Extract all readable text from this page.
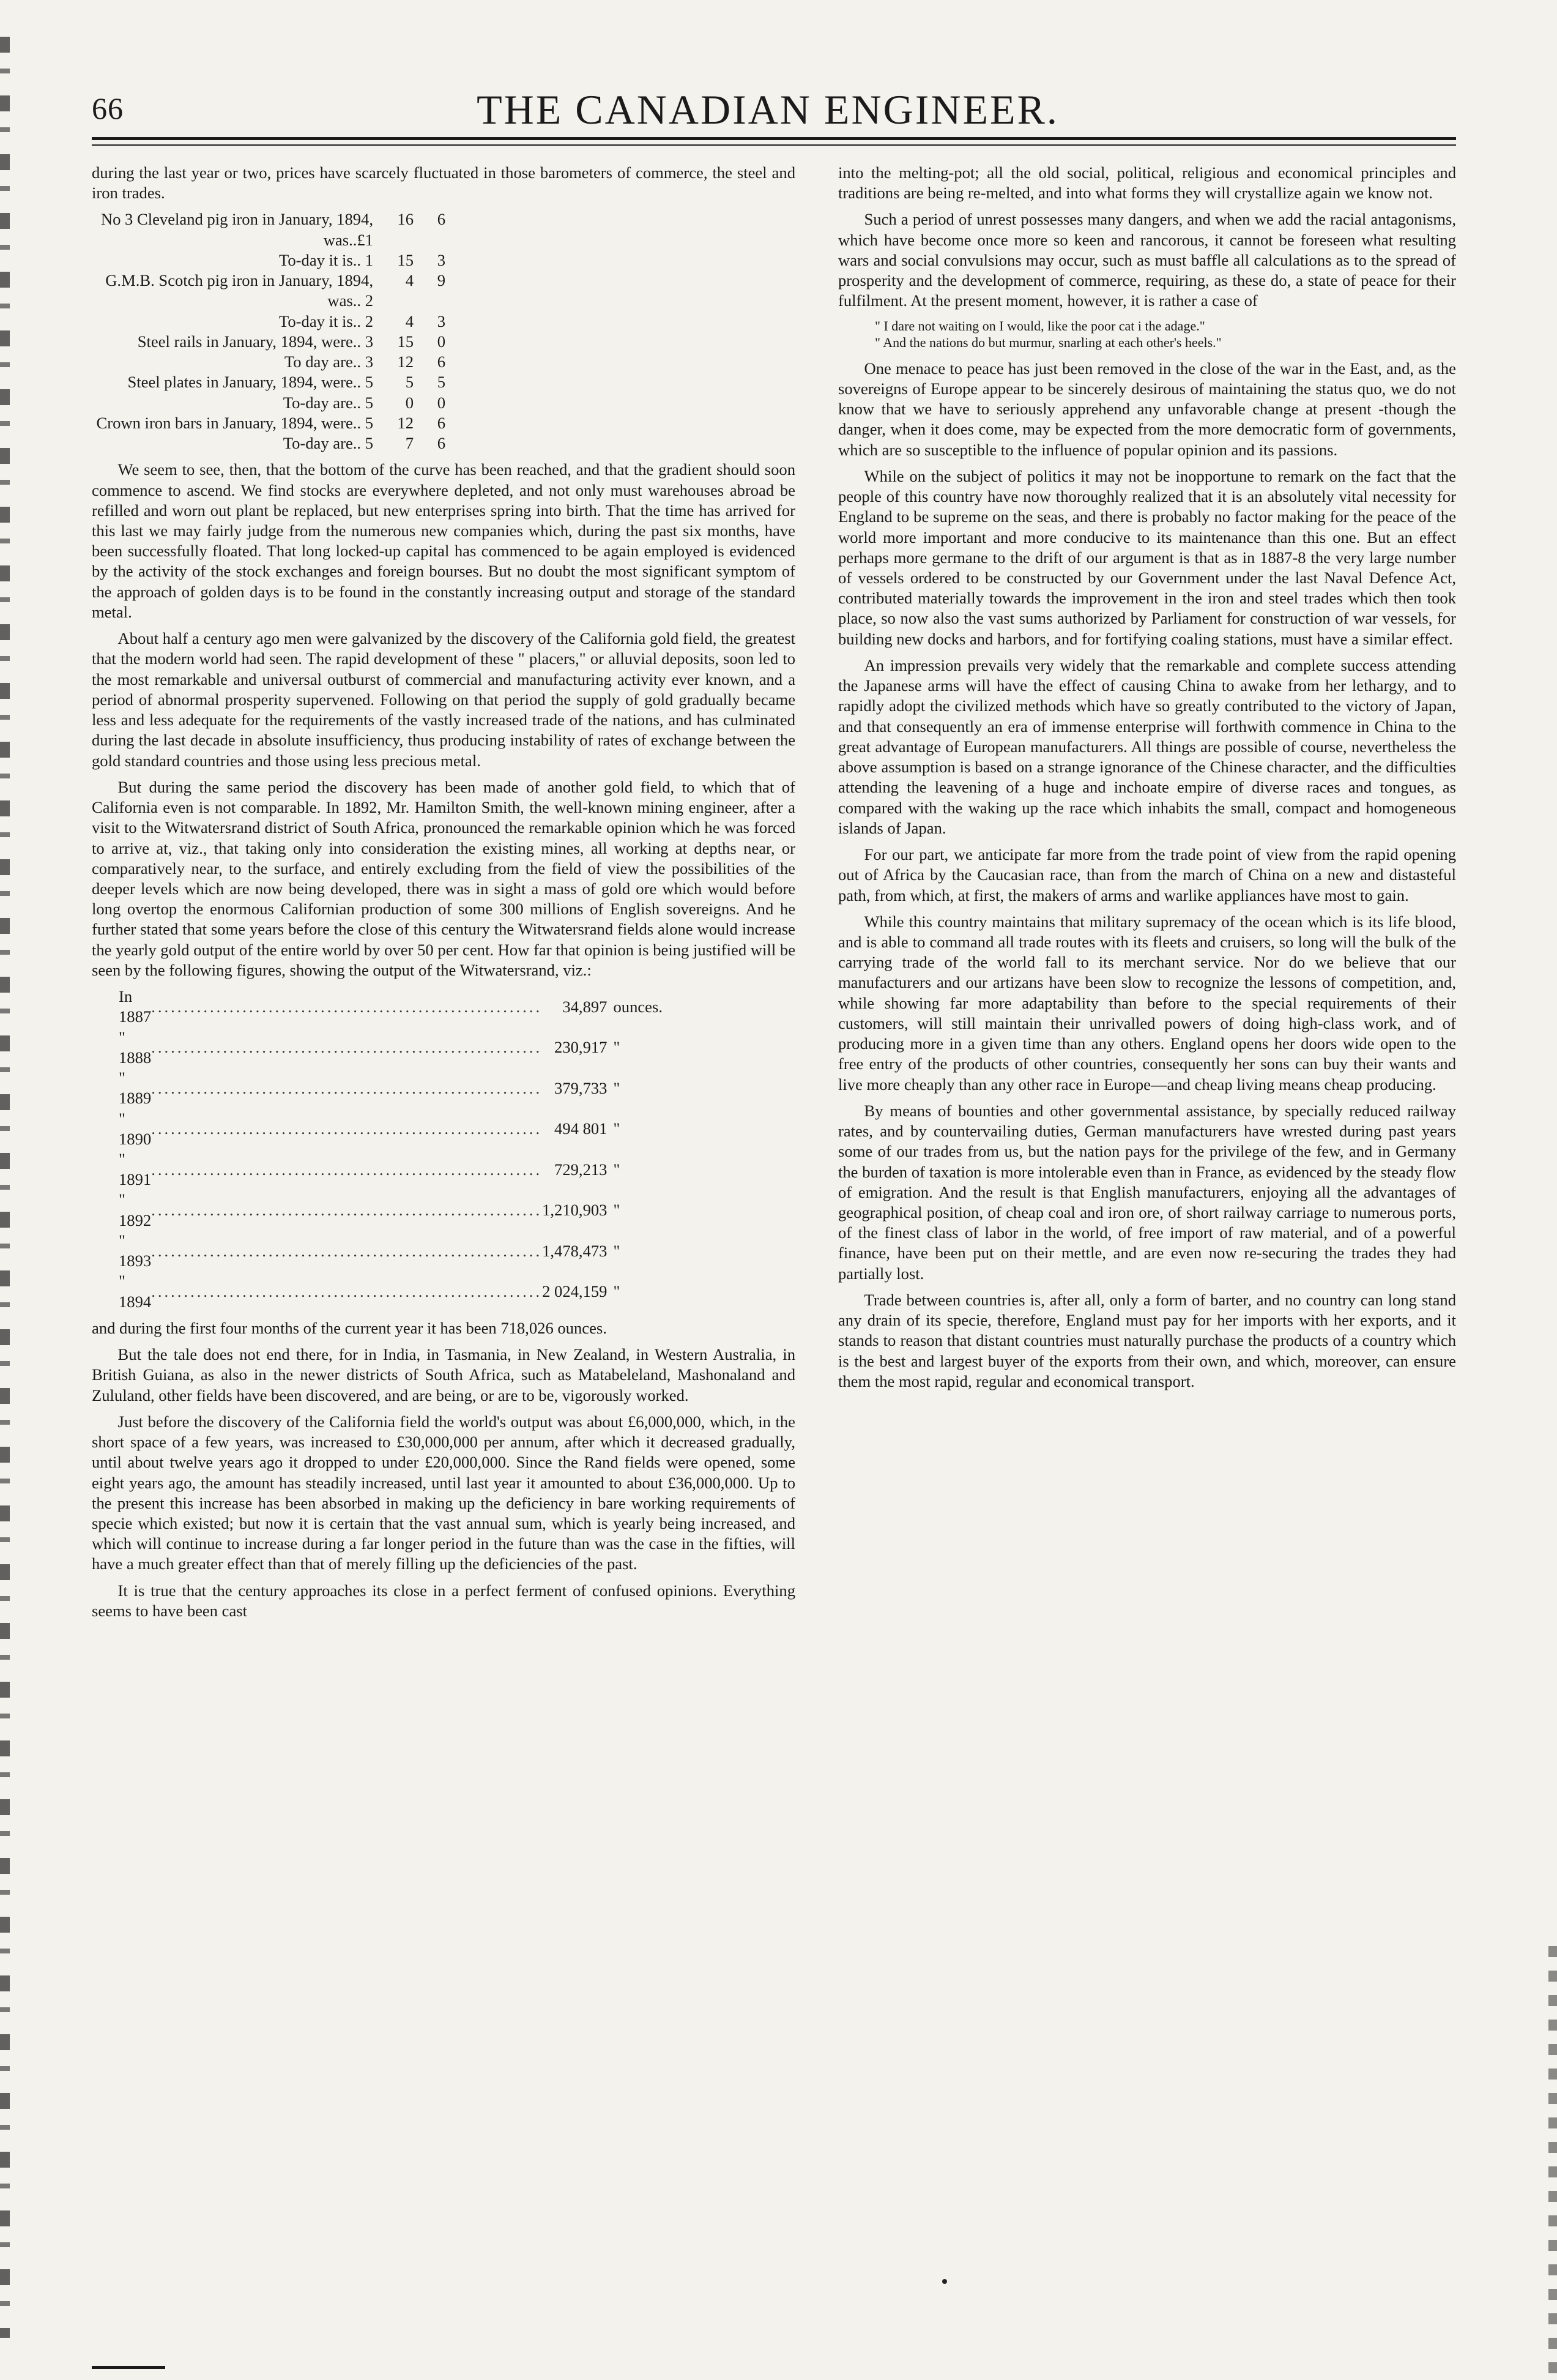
66	THE CANADIAN ENGINEER.

during the last year or two, prices have scarcely fluctuated in those barometers of commerce, the steel and iron trades.

No 3 Cleveland pig iron in January, 1894, was..£1	16	6
To-day it is.. 1	15	3
G.M.B. Scotch pig iron in January, 1894, was.. 2	4	9
To-day it is.. 2	4	3
Steel rails in January, 1894, were.. 3	15	0
To day are.. 3	12	6
Steel plates in January, 1894, were.. 5	5	5
To-day are.. 5	0	0
Crown iron bars in January, 1894, were.. 5	12	6
To-day are.. 5	7	6

We seem to see, then, that the bottom of the curve has been reached, and that the gradient should soon commence to ascend. We find stocks are everywhere depleted, and not only must warehouses abroad be refilled and worn out plant be replaced, but new enterprises spring into birth. That the time has arrived for this last we may fairly judge from the numerous new companies which, during the past six months, have been successfully floated. That long locked-up capital has commenced to be again employed is evidenced by the activity of the stock exchanges and foreign bourses. But no doubt the most significant symptom of the approach of golden days is to be found in the constantly increasing output and storage of the standard metal.

About half a century ago men were galvanized by the discovery of the California gold field, the greatest that the modern world had seen. The rapid development of these " placers," or alluvial deposits, soon led to the most remarkable and universal outburst of commercial and manufacturing activity ever known, and a period of abnormal prosperity supervened. Following on that period the supply of gold gradually became less and less adequate for the requirements of the vastly increased trade of the nations, and has culminated during the last decade in absolute insufficiency, thus producing instability of rates of exchange between the gold standard countries and those using less precious metal.

But during the same period the discovery has been made of another gold field, to which that of California even is not comparable. In 1892, Mr. Hamilton Smith, the well-known mining engineer, after a visit to the Witwatersrand district of South Africa, pronounced the remarkable opinion which he was forced to arrive at, viz., that taking only into consideration the existing mines, all working at depths near, or comparatively near, to the surface, and entirely excluding from the field of view the possibilities of the deeper levels which are now being developed, there was in sight a mass of gold ore which would before long overtop the enormous Californian production of some 300 millions of English sovereigns. And he further stated that some years before the close of this century the Witwatersrand fields alone would increase the yearly gold output of the entire world by over 50 per cent. How far that opinion is being justified will be seen by the following figures, showing the output of the Witwatersrand, viz.:

In 1887	............................................................	34,897	ounces.
" 1888	............................................................	230,917	"
" 1889	............................................................	379,733	"
" 1890	............................................................	494 801	"
" 1891	............................................................	729,213	"
" 1892	............................................................	1,210,903	"
" 1893	............................................................	1,478,473	"
" 1894	............................................................	2 024,159	"

and during the first four months of the current year it has been 718,026 ounces.

But the tale does not end there, for in India, in Tasmania, in New Zealand, in Western Australia, in British Guiana, as also in the newer districts of South Africa, such as Matabeleland, Mashonaland and Zululand, other fields have been discovered, and are being, or are to be, vigorously worked.

Just before the discovery of the California field the world's output was about £6,000,000, which, in the short space of a few years, was increased to £30,000,000 per annum, after which it decreased gradually, until about twelve years ago it dropped to under £20,000,000. Since the Rand fields were opened, some eight years ago, the amount has steadily increased, until last year it amounted to about £36,000,000. Up to the present this increase has been absorbed in making up the deficiency in bare working requirements of specie which existed; but now it is certain that the vast annual sum, which is yearly being increased, and which will continue to increase during a far longer period in the future than was the case in the fifties, will have a much greater effect than that of merely filling up the deficiencies of the past.

It is true that the century approaches its close in a perfect ferment of confused opinions. Everything seems to have been cast

into the melting-pot; all the old social, political, religious and economical principles and traditions are being re-melted, and into what forms they will crystallize again we know not.

Such a period of unrest possesses many dangers, and when we add the racial antagonisms, which have become once more so keen and rancorous, it cannot be foreseen what resulting wars and social convulsions may occur, such as must baffle all calculations as to the spread of prosperity and the development of commerce, requiring, as these do, a state of peace for their fulfilment. At the present moment, however, it is rather a case of

" I dare not waiting on I would, like the poor cat i the adage."
" And the nations do but murmur, snarling at each other's heels."

One menace to peace has just been removed in the close of the war in the East, and, as the sovereigns of Europe appear to be sincerely desirous of maintaining the status quo, we do not know that we have to seriously apprehend any unfavorable change at present -though the danger, when it does come, may be expected from the more democratic form of governments, which are so susceptible to the influence of popular opinion and its passions.

While on the subject of politics it may not be inopportune to remark on the fact that the people of this country have now thoroughly realized that it is an absolutely vital necessity for England to be supreme on the seas, and there is probably no factor making for the peace of the world more important and more conducive to its maintenance than this one. But an effect perhaps more germane to the drift of our argument is that as in 1887-8 the very large number of vessels ordered to be constructed by our Government under the last Naval Defence Act, contributed materially towards the improvement in the iron and steel trades which then took place, so now also the vast sums authorized by Parliament for construction of war vessels, for building new docks and harbors, and for fortifying coaling stations, must have a similar effect.

An impression prevails very widely that the remarkable and complete success attending the Japanese arms will have the effect of causing China to awake from her lethargy, and to rapidly adopt the civilized methods which have so greatly contributed to the victory of Japan, and that consequently an era of immense enterprise will forthwith commence in China to the great advantage of European manufacturers. All things are possible of course, nevertheless the above assumption is based on a strange ignorance of the Chinese character, and the difficulties attending the leavening of a huge and inchoate empire of diverse races and tongues, as compared with the waking up the race which inhabits the small, compact and homogeneous islands of Japan.

For our part, we anticipate far more from the trade point of view from the rapid opening out of Africa by the Caucasian race, than from the march of China on a new and distasteful path, from which, at first, the makers of arms and warlike appliances have most to gain.

While this country maintains that military supremacy of the ocean which is its life blood, and is able to command all trade routes with its fleets and cruisers, so long will the bulk of the carrying trade of the world fall to its merchant service. Nor do we believe that our manufacturers and our artizans have been slow to recognize the lessons of competition, and, while showing far more adaptability than before to the special requirements of their customers, will still maintain their unrivalled powers of doing high-class work, and of producing more in a given time than any others. England opens her doors wide open to the free entry of the products of other countries, consequently her sons can buy their wants and live more cheaply than any other race in Europe—and cheap living means cheap producing.

By means of bounties and other governmental assistance, by specially reduced railway rates, and by countervailing duties, German manufacturers have wrested during past years some of our trades from us, but the nation pays for the privilege of the few, and in Germany the burden of taxation is more intolerable even than in France, as evidenced by the steady flow of emigration. And the result is that English manufacturers, enjoying all the advantages of geographical position, of cheap coal and iron ore, of short railway carriage to numerous ports, of the finest class of labor in the world, of free import of raw material, and of a powerful finance, have been put on their mettle, and are even now re-securing the trades they had partially lost.

Trade between countries is, after all, only a form of barter, and no country can long stand any drain of its specie, therefore, England must pay for her imports with her exports, and it stands to reason that distant countries must naturally purchase the products of a country which is the best and largest buyer of the exports from their own, and which, moreover, can ensure them the most rapid, regular and economical transport.
